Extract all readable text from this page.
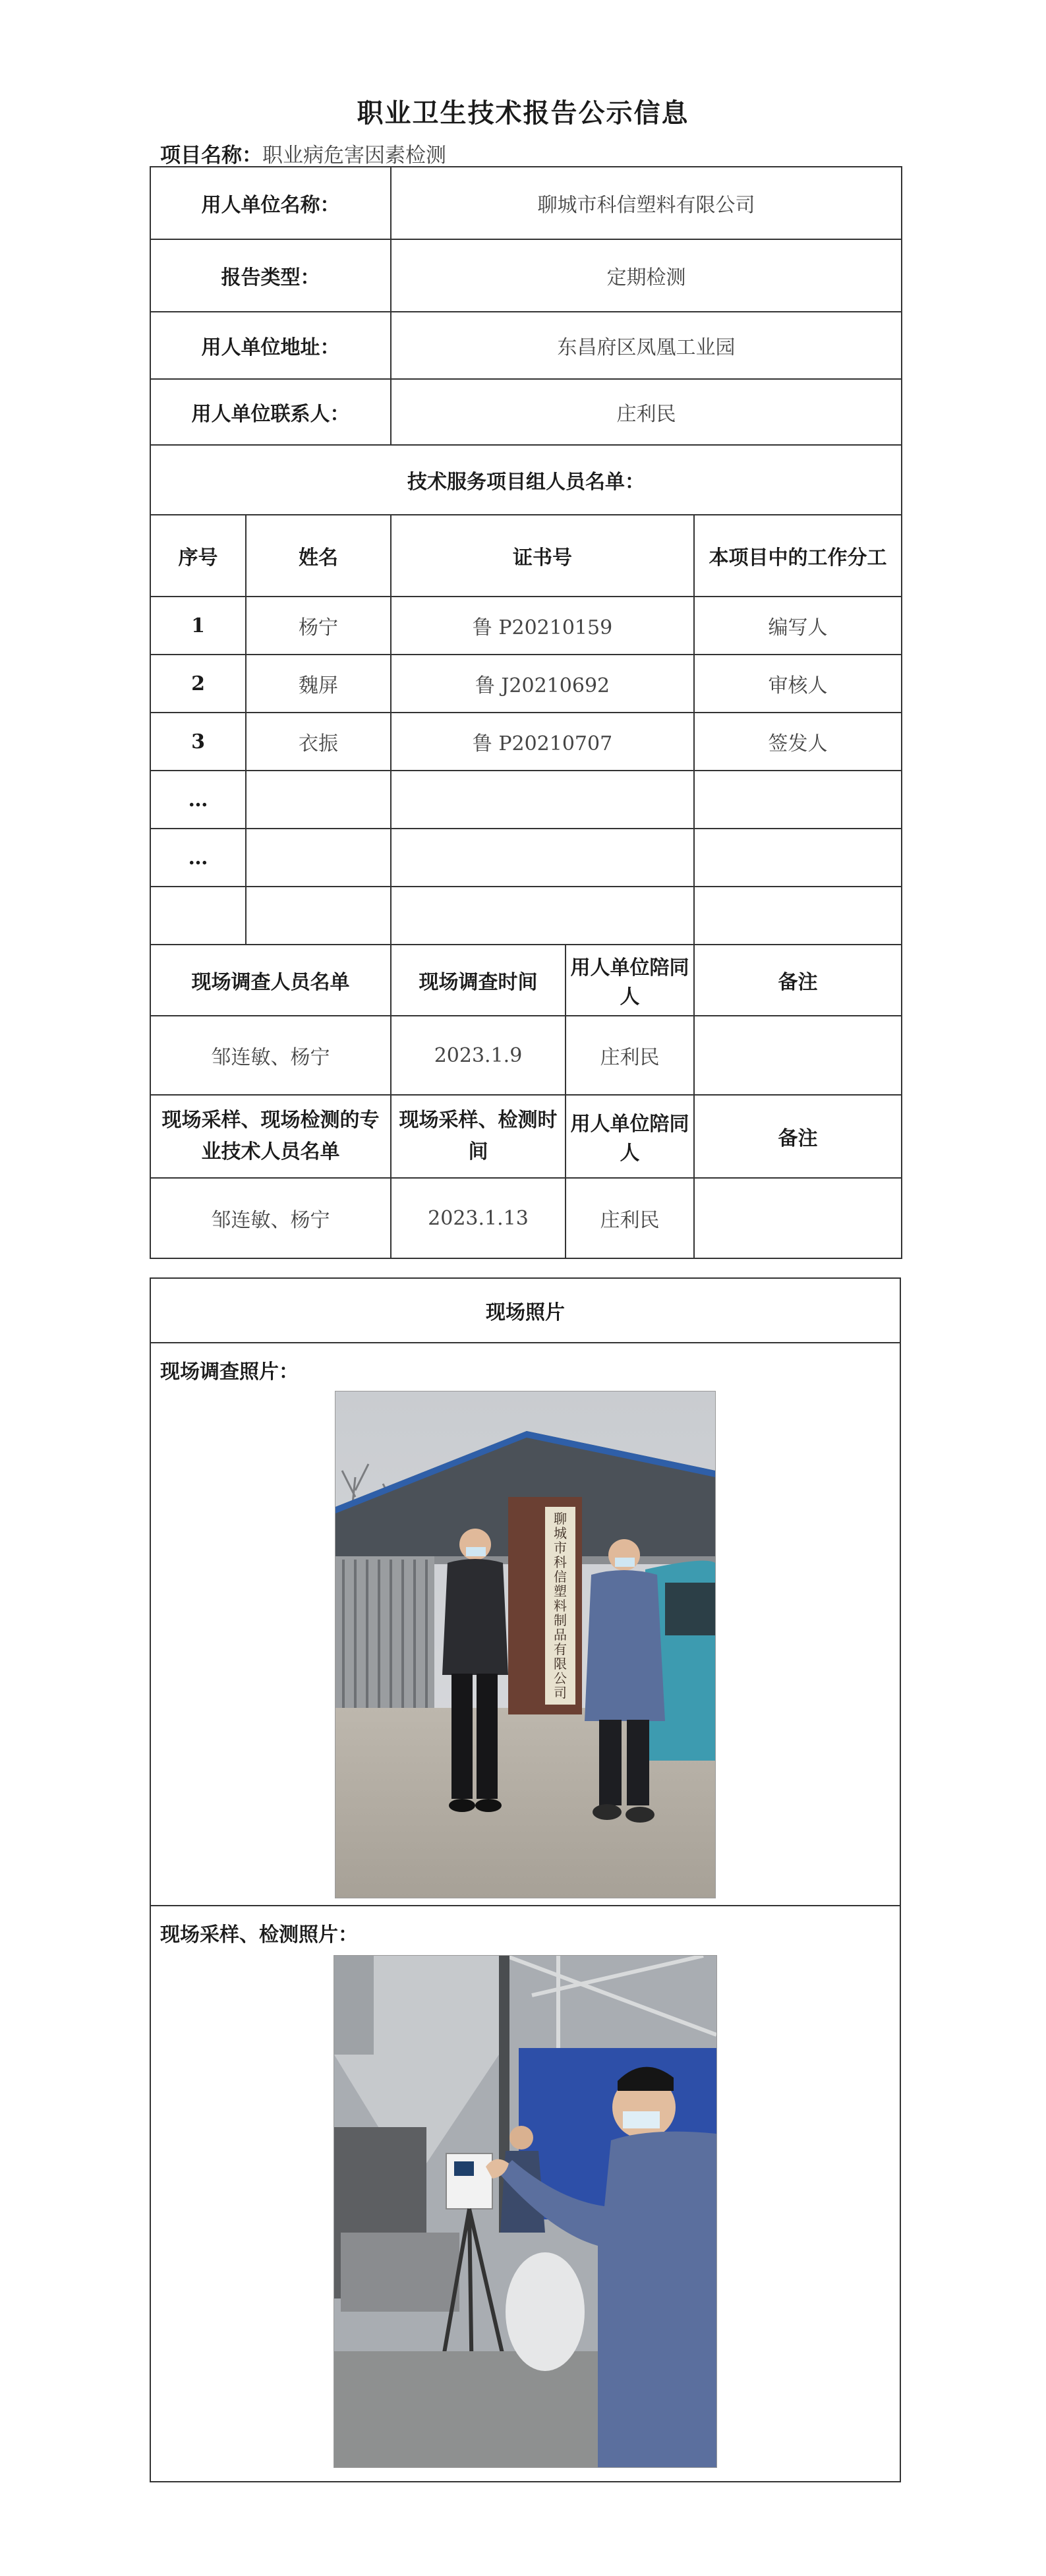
职业卫生技术报告公示信息
项目名称：职业病危害因素检测
用人单位名称：		聊城市科信塑料有限公司		
报告类型：		定期检测		
用人单位地址：		东昌府区凤凰工业园		
用人单位联系人：		庄利民		
技术服务项目组人员名单：				
序号	姓名	证书号		本项目中的工作分工
1	杨宁	鲁 P20210159		编写人
2	魏屏	鲁 J20210692		审核人
3	衣振	鲁 P20210707		签发人
…				
…				

现场调查人员名单		现场调查时间	用人单位陪同人	备注
邹连敏、杨宁		2023.1.9	庄利民	
现场采样、现场检测的专业技术人员名单		现场采样、检测时间	用人单位陪同人	备注
邹连敏、杨宁		2023.1.13	庄利民	
现场照片
现场调查照片：
现场采样、检测照片：
聊城市科信塑料制品有限公司
